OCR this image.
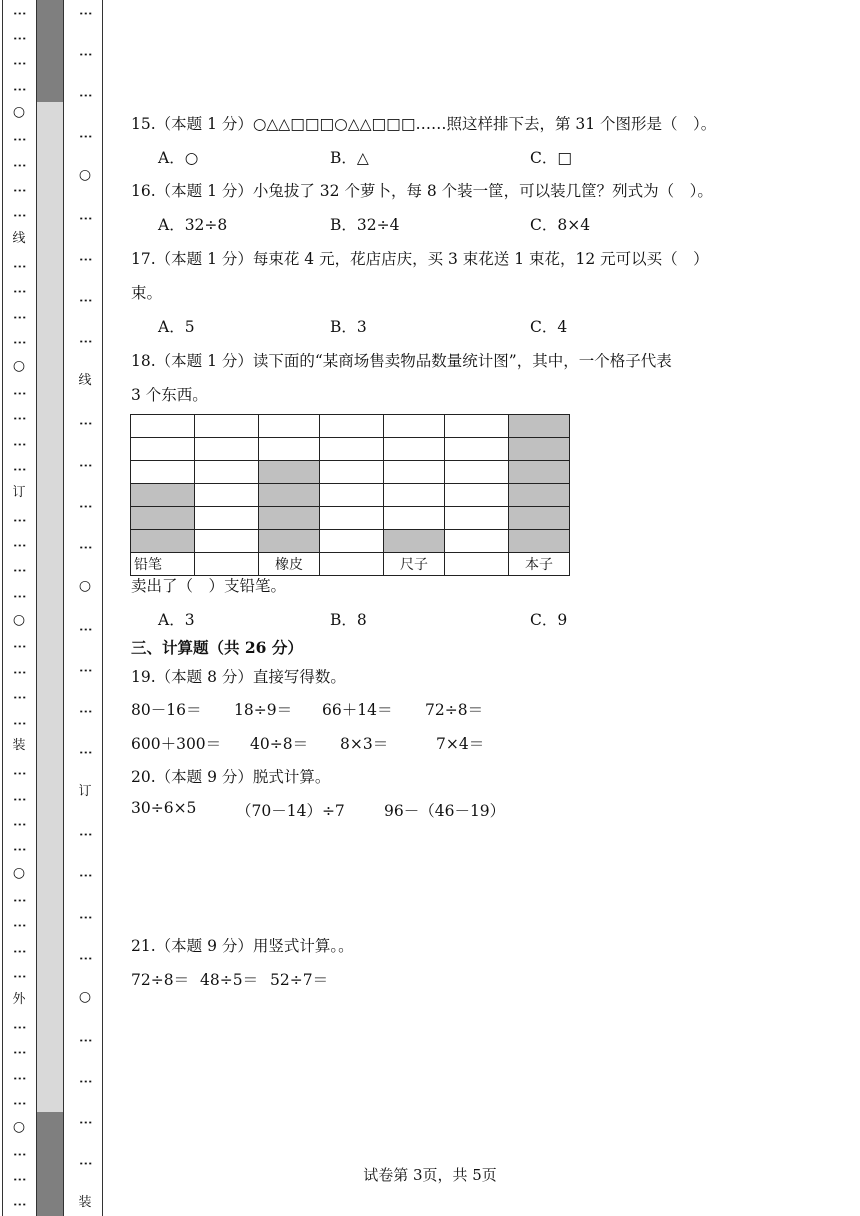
⋮
⋮
⋮
⋮
○
⋮
⋮
⋮
⋮
线
⋮
⋮
⋮
⋮
○
⋮
⋮
⋮
⋮
订
⋮
⋮
⋮
⋮
○
⋮
⋮
⋮
⋮
装
⋮
⋮
⋮
⋮
○
⋮
⋮
⋮
⋮
外
⋮
⋮
⋮
⋮
○
⋮
⋮
⋮
⋮
⋮
⋮
⋮
○
⋮
⋮
⋮
⋮
线
⋮
⋮
⋮
⋮
○
⋮
⋮
⋮
⋮
订
⋮
⋮
⋮
⋮
○
⋮
⋮
⋮
⋮
装
15.（本题 1 分）○△△□□□○△△□□□……照这样排下去，第 31 个图形是（　）。
A．○	B．△	C．□
16.（本题 1 分）小兔拔了 32 个萝卜，每 8 个装一筐，可以装几筐？列式为（　）。
A．32÷8	B．32÷4	C．8×4
17.（本题 1 分）每束花 4 元，花店店庆，买 3 束花送 1 束花，12 元可以买（　）
束。
A．5	B．3	C．4
18.（本题 1 分）读下面的“某商场售卖物品数量统计图”，其中，一个格子代表
3 个东西。

铅笔		橡皮		尺子		本子
卖出了（　）支铅笔。
A．3	B．8	C．9
三、计算题（共 26 分）
19.（本题 8 分）直接写得数。
80－16＝ 18÷9＝ 66＋14＝ 72÷8＝
600＋300＝ 40÷8＝ 8×3＝	7×4＝
20.（本题 9 分）脱式计算。
30÷6×5	（70－14）÷7	96－（46－19）
21.（本题 9 分）用竖式计算。。
72÷8＝ 48÷5＝ 52÷7＝
试卷第 3页，共 5页
